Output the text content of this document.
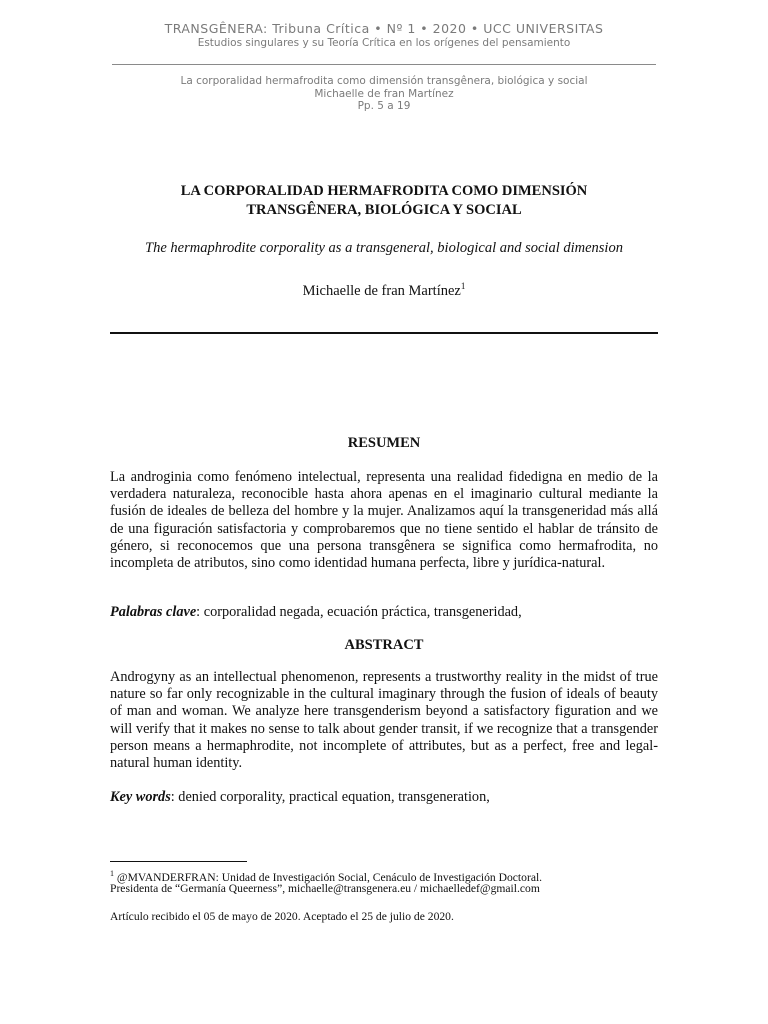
TRANSGÊNERA: Tribuna Crítica • Nº 1 • 2020 • UCC UNIVERSITAS
Estudios singulares y su Teoría Crítica en los orígenes del pensamiento
La corporalidad hermafrodita como dimensión transgênera, biológica y social
Michaelle de fran Martínez
Pp. 5 a 19
LA CORPORALIDAD HERMAFRODITA COMO DIMENSIÓN
TRANSGÊNERA, BIOLÓGICA Y SOCIAL
The hermaphrodite corporality as a transgeneral, biological and social dimension
Michaelle de fran Martínez$^1$
RESUMEN
La androginia como fenómeno intelectual, representa una realidad fidedigna en medio de la verdadera naturaleza, reconocible hasta ahora apenas en el imaginario cultural mediante la fusión de ideales de belleza del hombre y la mujer. Analizamos aquí la transgeneridad más allá de una figuración satisfactoria y comprobaremos que no tiene sentido el hablar de tránsito de género, si reconocemos que una persona transgênera se significa como hermafrodita, no incompleta de atributos, sino como identidad humana perfecta, libre y jurídica-natural.
Palabras clave: corporalidad negada, ecuación práctica, transgeneridad,
ABSTRACT
Androgyny as an intellectual phenomenon, represents a trustworthy reality in the midst of true nature so far only recognizable in the cultural imaginary through the fusion of ideals of beauty of man and woman. We analyze here transgenderism beyond a satisfactory figuration and we will verify that it makes no sense to talk about gender transit, if we recognize that a transgender person means a hermaphrodite, not incomplete of attributes, but as a perfect, free and legal-natural human identity.
Key words: denied corporality, practical equation, transgeneration,
$^1$ @MVANDERFRAN: Unidad de Investigación Social, Cenáculo de Investigación Doctoral.
Presidenta de “Germanía Queerness”, michaelle@transgenera.eu / michaelledef@gmail.com
Artículo recibido el 05 de mayo de 2020. Aceptado el 25 de julio de 2020.
